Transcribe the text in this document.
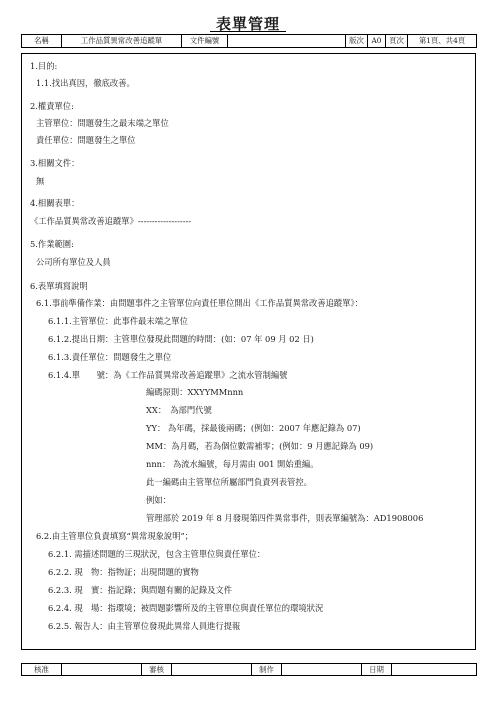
表單管理
名稱	工作品質異常改善追蹤單	文件編號		版次	A0	頁次	第1頁、共4頁
1.目的:
1.1.找出真因，徹底改善。
2.權責單位:
主管單位：問題發生之最末端之單位
責任單位：問題發生之單位
3.相關文件：
無
4.相關表單：
《工作品質異常改善追蹤單》-------------------
5.作業範圍:
公司所有單位及人員
6.表單填寫說明
6.1.事前準備作業：由問題事件之主管單位向責任單位開出《工作品質異常改善追蹤單》：
6.1.1.主管單位：此事件最末端之單位
6.1.2.提出日期：主管單位發現此問題的時間：(如：07 年 09 月 02 日)
6.1.3.責任單位：問題發生之單位
6.1.4.單　　號：為《工作品質異常改善追蹤單》之流水管制編號
編碼原則：XXYYMMnnn
XX：　為部門代號
YY： 為年碼，採最後兩碼；(例如：2007 年應記錄為 07)
MM：為月碼，若為個位數需補零；(例如：9 月應記錄為 09)
nnn： 為流水編號，每月需由 001 開始重編。
此一編碼由主管單位所屬部門負責列表管控。
例如：
管理部於 2019 年 8 月發現第四件異常事件，則表單編號為：AD1908006
6.2.由主管單位負責填寫“異常現象說明”；
6.2.1. 需描述問題的三現狀況，包含主管單位與責任單位：
6.2.2. 現　物：指物証；出現問題的實物
6.2.3. 現　實：指記錄；與問題有關的記錄及文件
6.2.4. 現　場：指環境；被問題影響所及的主管單位與責任單位的環境狀況
6.2.5. 報告人：由主管單位發現此異常人員進行提報
核准		審核		制作		日期	
